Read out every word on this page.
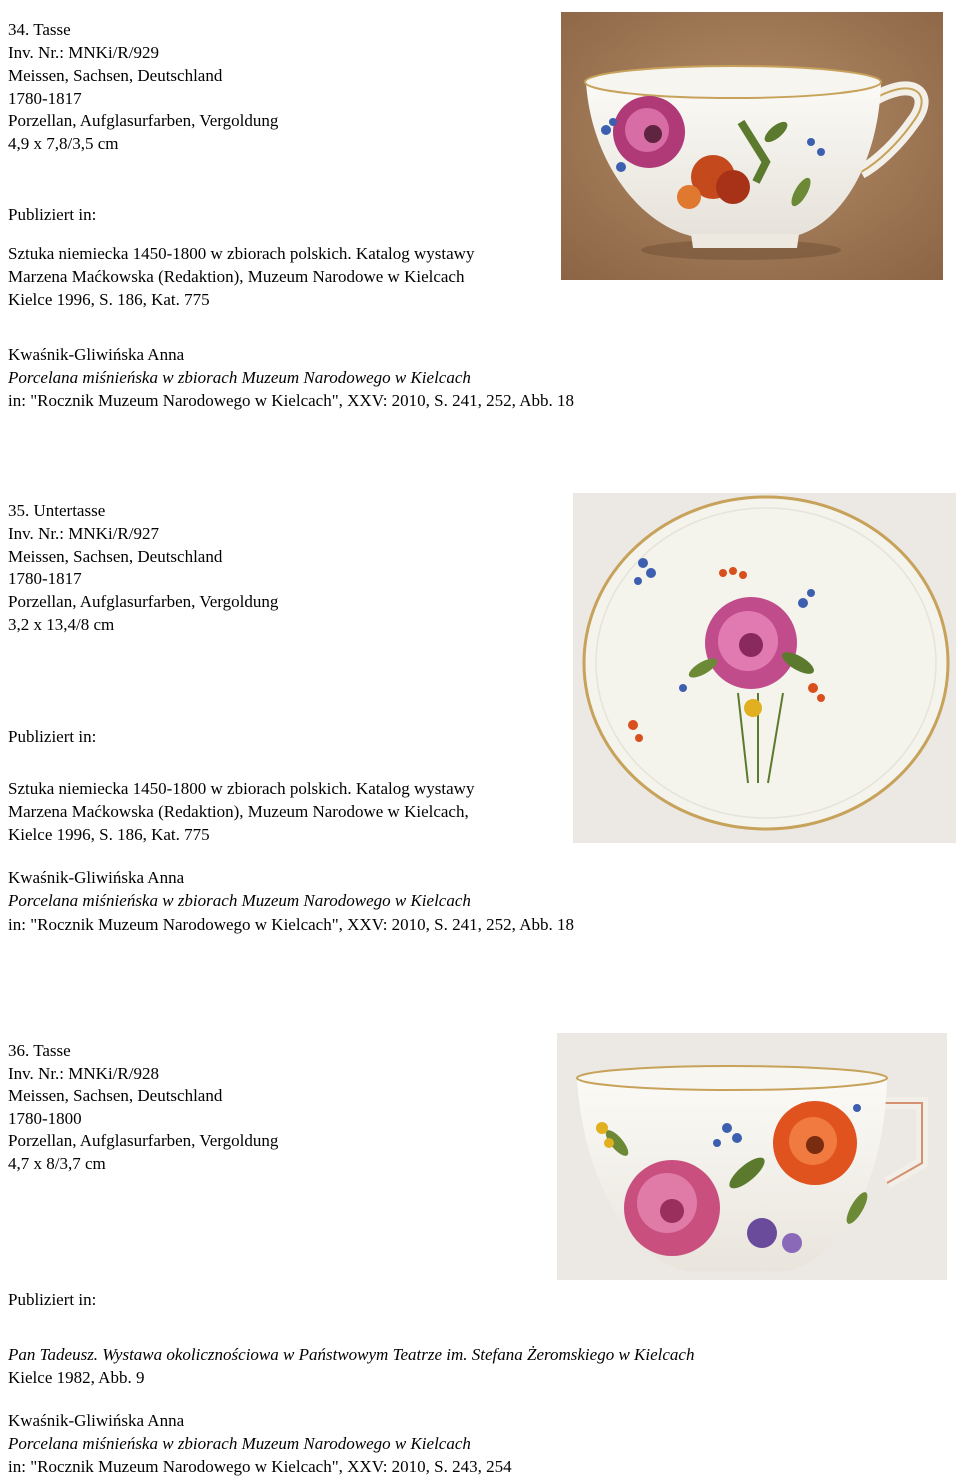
34. Tasse
Inv. Nr.: MNKi/R/929
Meissen, Sachsen, Deutschland
1780-1817
Porzellan, Aufglasurfarben, Vergoldung
4,9 x 7,8/3,5 cm
Publiziert in:
Sztuka niemiecka 1450-1800 w zbiorach polskich. Katalog wystawy
Marzena Maćkowska (Redaktion), Muzeum Narodowe w Kielcach
Kielce 1996, S. 186, Kat. 775
Kwaśnik-Gliwińska Anna
Porcelana miśnieńska w zbiorach Muzeum Narodowego w Kielcach
in: "Rocznik Muzeum Narodowego w Kielcach", XXV: 2010, S. 241, 252, Abb. 18
35. Untertasse
Inv. Nr.: MNKi/R/927
Meissen, Sachsen, Deutschland
1780-1817
Porzellan, Aufglasurfarben, Vergoldung
3,2 x 13,4/8 cm
Publiziert in:
Sztuka niemiecka 1450-1800 w zbiorach polskich. Katalog wystawy
Marzena Maćkowska (Redaktion), Muzeum Narodowe w Kielcach,
Kielce 1996, S. 186, Kat. 775
Kwaśnik-Gliwińska Anna
Porcelana miśnieńska w zbiorach Muzeum Narodowego w Kielcach
in: "Rocznik Muzeum Narodowego w Kielcach", XXV: 2010, S. 241, 252, Abb. 18
36. Tasse
Inv. Nr.: MNKi/R/928
Meissen, Sachsen, Deutschland
1780-1800
Porzellan, Aufglasurfarben, Vergoldung
4,7 x 8/3,7 cm
Publiziert in:
Pan Tadeusz. Wystawa okolicznościowa w Państwowym Teatrze im. Stefana Żeromskiego w Kielcach
Kielce 1982, Abb. 9
Kwaśnik-Gliwińska Anna
Porcelana miśnieńska w zbiorach Muzeum Narodowego w Kielcach
in: "Rocznik Muzeum Narodowego w Kielcach", XXV: 2010, S. 243, 254
